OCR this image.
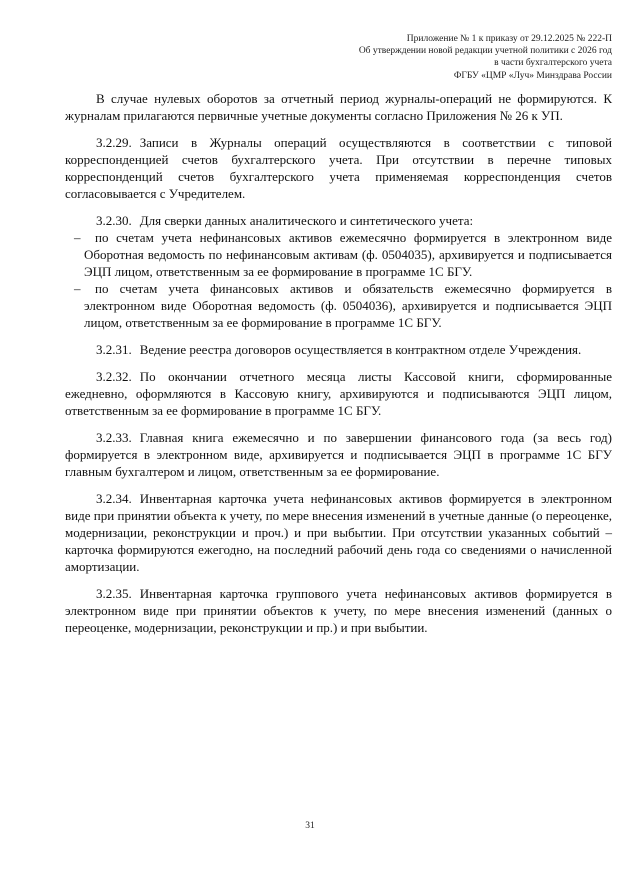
Приложение № 1 к приказу от 29.12.2025 № 222-П
Об утверждении новой редакции учетной политики с 2026 год
в части бухгалтерского учета
ФГБУ «ЦМР «Луч» Минздрава России

В случае нулевых оборотов за отчетный период журналы-операций не формируются. К журналам прилагаются первичные учетные документы согласно Приложения № 26 к УП.

3.2.29. Записи в Журналы операций осуществляются в соответствии с типовой корреспонденцией счетов бухгалтерского учета. При отсутствии в перечне типовых корреспонденций счетов бухгалтерского учета применяемая корреспонденция счетов согласовывается с Учредителем.

3.2.30. Для сверки данных аналитического и синтетического учета:

– по счетам учета нефинансовых активов ежемесячно формируется в электронном виде Оборотная ведомость по нефинансовым активам (ф. 0504035), архивируется и подписывается ЭЦП лицом, ответственным за ее формирование в программе 1С БГУ.
– по счетам учета финансовых активов и обязательств ежемесячно формируется в электронном виде Оборотная ведомость (ф. 0504036), архивируется и подписывается ЭЦП лицом, ответственным за ее формирование в программе 1С БГУ.

3.2.31. Ведение реестра договоров осуществляется в контрактном отделе Учреждения.

3.2.32. По окончании отчетного месяца листы Кассовой книги, сформированные ежедневно, оформляются в Кассовую книгу, архивируются и подписываются ЭЦП лицом, ответственным за ее формирование в программе 1С БГУ.

3.2.33. Главная книга ежемесячно и по завершении финансового года (за весь год) формируется в электронном виде, архивируется и подписывается ЭЦП в программе 1С БГУ главным бухгалтером и лицом, ответственным за ее формирование.

3.2.34. Инвентарная карточка учета нефинансовых активов формируется в электронном виде при принятии объекта к учету, по мере внесения изменений в учетные данные (о переоценке, модернизации, реконструкции и проч.) и при выбытии. При отсутствии указанных событий – карточка формируются ежегодно, на последний рабочий день года со сведениями о начисленной амортизации.

3.2.35. Инвентарная карточка группового учета нефинансовых активов формируется в электронном виде при принятии объектов к учету, по мере внесения изменений (данных о переоценке, модернизации, реконструкции и пр.) и при выбытии.

31
